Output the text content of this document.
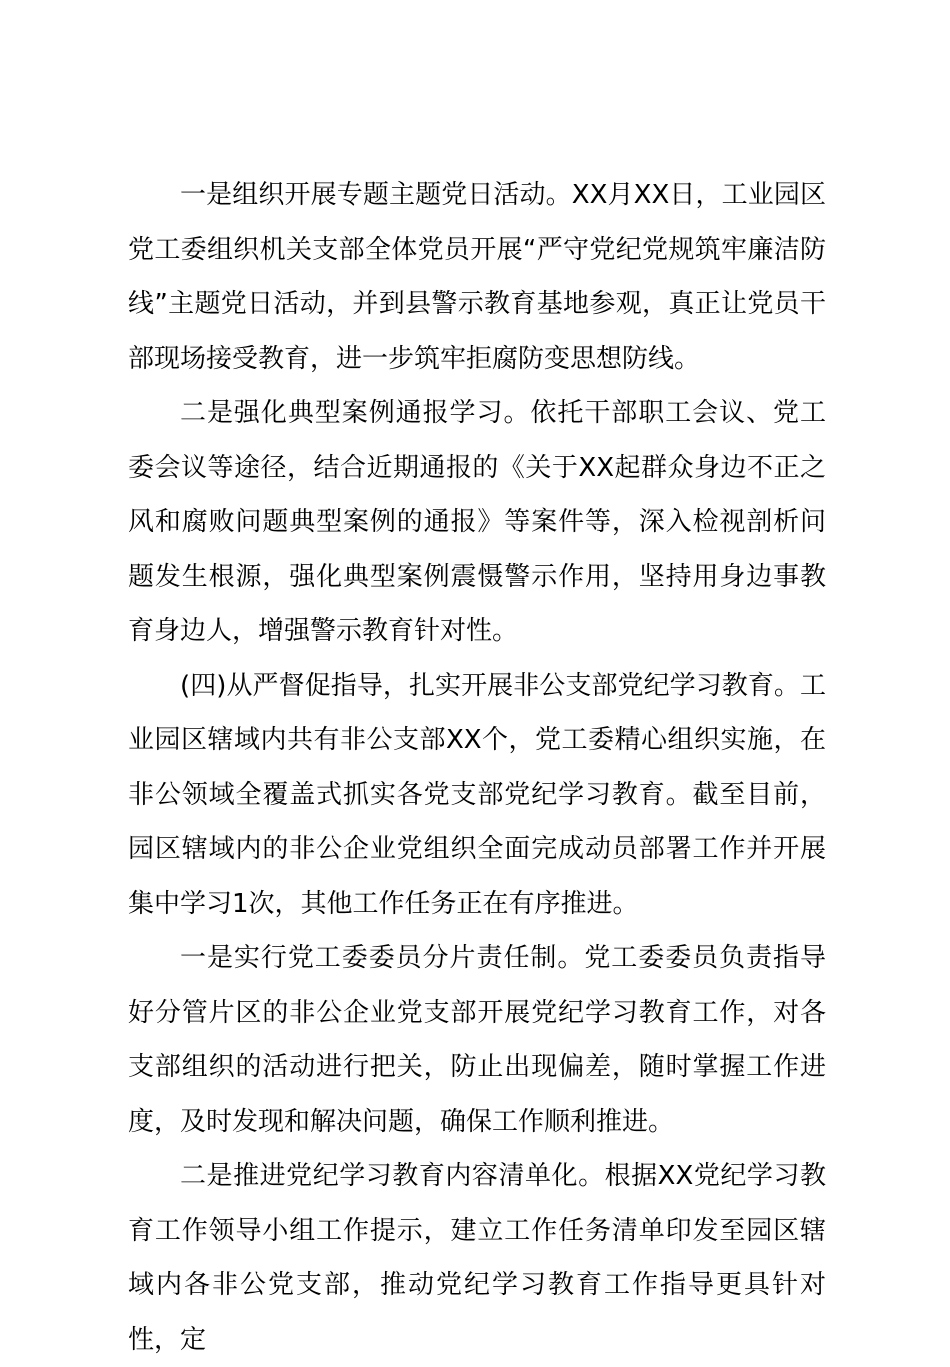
一是组织开展专题主题党日活动。XX月XX日，工业园区党工委组织机关支部全体党员开展“严守党纪党规筑牢廉洁防线”主题党日活动，并到县警示教育基地参观，真正让党员干部现场接受教育，进一步筑牢拒腐防变思想防线。

二是强化典型案例通报学习。依托干部职工会议、党工委会议等途径，结合近期通报的《关于XX起群众身边不正之风和腐败问题典型案例的通报》等案件等，深入检视剖析问题发生根源，强化典型案例震慑警示作用，坚持用身边事教育身边人，增强警示教育针对性。

(四)从严督促指导，扎实开展非公支部党纪学习教育。工业园区辖域内共有非公支部XX个，党工委精心组织实施，在非公领域全覆盖式抓实各党支部党纪学习教育。截至目前，园区辖域内的非公企业党组织全面完成动员部署工作并开展集中学习1次，其他工作任务正在有序推进。

一是实行党工委委员分片责任制。党工委委员负责指导好分管片区的非公企业党支部开展党纪学习教育工作，对各支部组织的活动进行把关，防止出现偏差，随时掌握工作进度，及时发现和解决问题，确保工作顺利推进。

二是推进党纪学习教育内容清单化。根据XX党纪学习教育工作领导小组工作提示，建立工作任务清单印发至园区辖域内各非公党支部，推动党纪学习教育工作指导更具针对性，定
